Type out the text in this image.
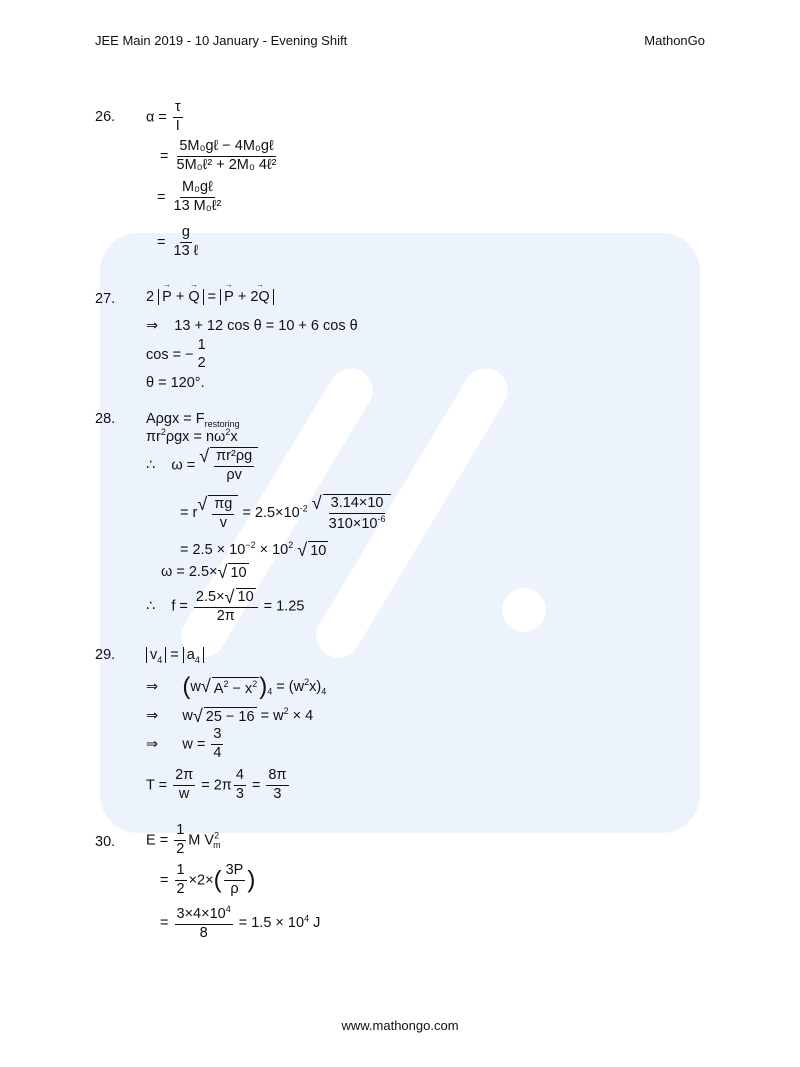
JEE Main 2019 - 10 January - Evening Shift	MathonGo
26. $\alpha = \frac{\tau}{I}$
= $\frac{\text{5M₀gℓ − 4M₀gℓ}}{\text{5M₀ℓ² + 2M₀ 4ℓ²}}$
= $\frac{\text{M₀gℓ}}{\text{13 M₀ℓ²}}$
= $\frac{g}{\text{13 ℓ}}$
27. 2 → P + → Q = → P + → 2Q
⇒ 13 + 12 cos θ = 10 + 6 cos θ
cos = −
1
2
θ = 120°.
28. $A\rho gx = F_{restoring}$
$\pi r^2\rho gx = n\omega^2x$
∴ ω = √ $\frac{\text{πr²ρg}}{\rho v}$
= r √ $\frac{\pi g}{v} = 2.5\times 10^{-2}$ √ $\frac{3.14\times 10}{310\times 10^{-6}}$
= $2.5 \times 10^{-2} \times 10^2$ √ 10
ω = 2.5× √ 10
∴ $f = \frac{2.5\times √ 10}{2\pi} = 1.25$
29. $v_4 = a_4$
⇒ (w √ $A^2 - x^2$ )$_4 = (w^2x)_4$
⇒ w √ $25 - 16 = w^2 \times 4$
⇒ $w = \frac{3}{4}$
$T = \frac{2\pi}{w} = 2\pi \frac{4}{3} = \frac{8\pi}{3}$
30. $E = \frac{1}{2}$ M $V^2_m$
= $\frac{1}{2} \times 2\times( \frac{3P}{\rho}$ )
= $\frac{3\times 4\times 10^4}{8} = 1.5 \times 10^4$ J
www.mathongo.com
